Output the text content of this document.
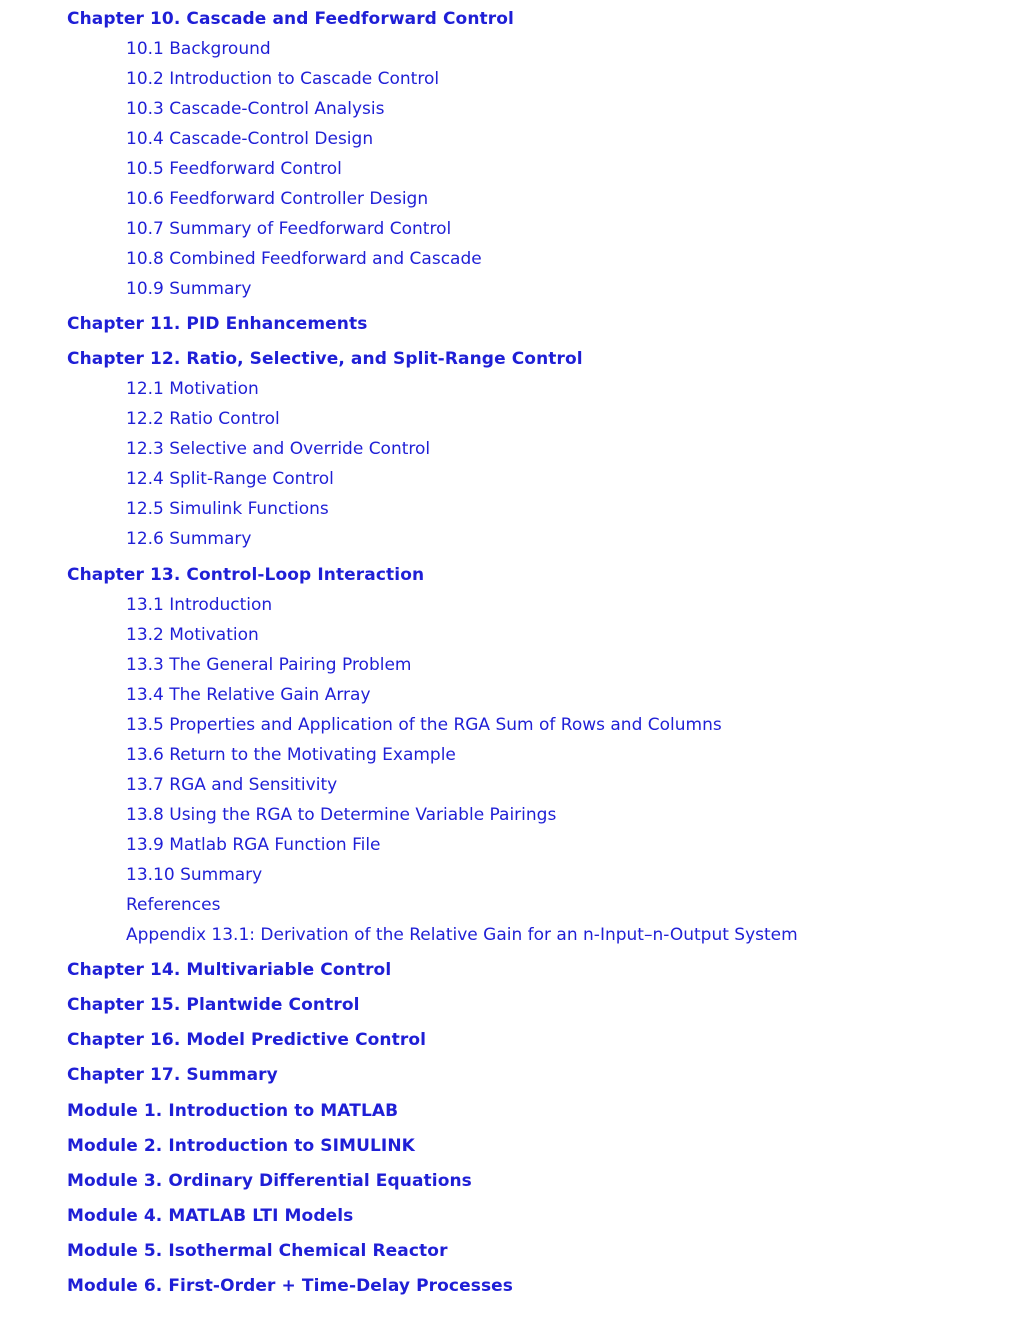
Chapter 10. Cascade and Feedforward Control
10.1 Background
10.2 Introduction to Cascade Control
10.3 Cascade-Control Analysis
10.4 Cascade-Control Design
10.5 Feedforward Control
10.6 Feedforward Controller Design
10.7 Summary of Feedforward Control
10.8 Combined Feedforward and Cascade
10.9 Summary
Chapter 11. PID Enhancements
Chapter 12. Ratio, Selective, and Split-Range Control
12.1 Motivation
12.2 Ratio Control
12.3 Selective and Override Control
12.4 Split-Range Control
12.5 Simulink Functions
12.6 Summary
Chapter 13. Control-Loop Interaction
13.1 Introduction
13.2 Motivation
13.3 The General Pairing Problem
13.4 The Relative Gain Array
13.5 Properties and Application of the RGA Sum of Rows and Columns
13.6 Return to the Motivating Example
13.7 RGA and Sensitivity
13.8 Using the RGA to Determine Variable Pairings
13.9 Matlab RGA Function File
13.10 Summary
References
Appendix 13.1: Derivation of the Relative Gain for an n-Input–n-Output System
Chapter 14. Multivariable Control
Chapter 15. Plantwide Control
Chapter 16. Model Predictive Control
Chapter 17. Summary
Module 1. Introduction to MATLAB
Module 2. Introduction to SIMULINK
Module 3. Ordinary Differential Equations
Module 4. MATLAB LTI Models
Module 5. Isothermal Chemical Reactor
Module 6. First-Order + Time-Delay Processes
